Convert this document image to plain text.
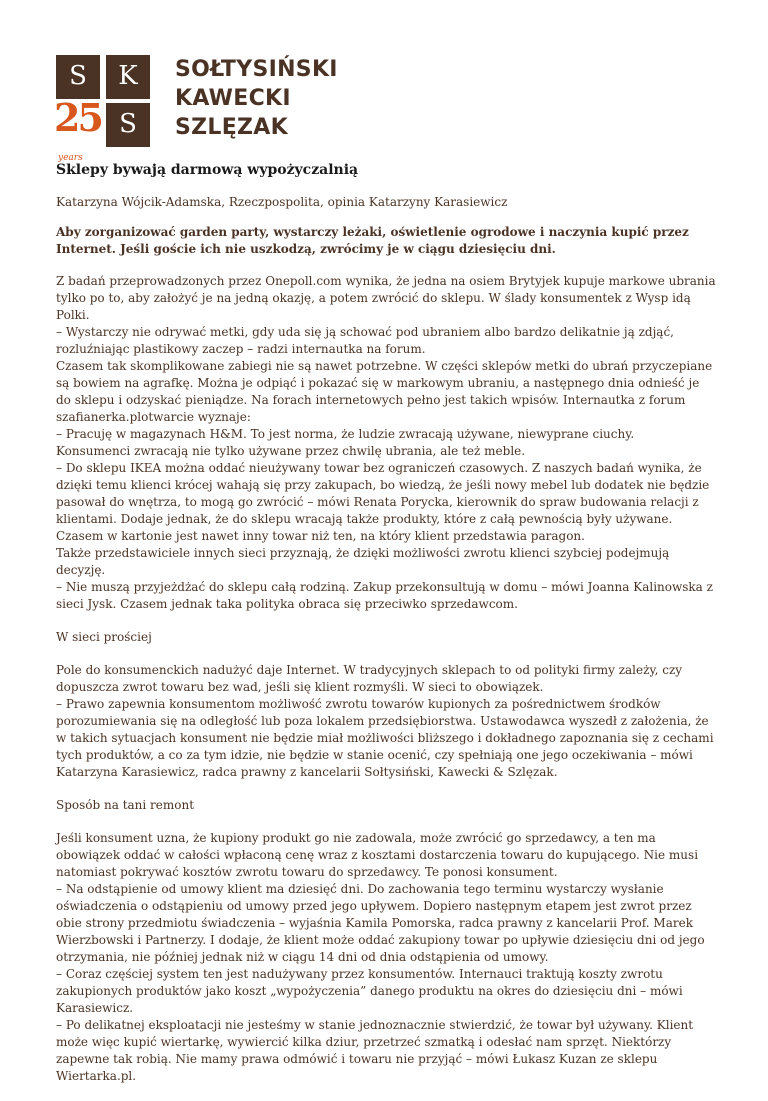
S	K
25
lat
years
S
SOŁTYSIŃSKI
KAWECKI
SZLĘZAK
Sklepy bywają darmową wypożyczalnią
Katarzyna Wójcik-Adamska, Rzeczpospolita, opinia Katarzyny Karasiewicz
Aby zorganizować garden party, wystarczy leżaki, oświetlenie ogrodowe i naczynia kupić przez Internet. Jeśli goście ich nie uszkodzą, zwrócimy je w ciągu dziesięciu dni.
Z badań przeprowadzonych przez Onepoll.com wynika, że jedna na osiem Brytyjek kupuje markowe ubrania tylko po to, aby założyć je na jedną okazję, a potem zwrócić do sklepu. W ślady konsumentek z Wysp idą Polki.
– Wystarczy nie odrywać metki, gdy uda się ją schować pod ubraniem albo bardzo delikatnie ją zdjąć, rozluźniając plastikowy zaczep – radzi internautka na forum.
Czasem tak skomplikowane zabiegi nie są nawet potrzebne. W części sklepów metki do ubrań przyczepiane są bowiem na agrafkę. Można je odpiąć i pokazać się w markowym ubraniu, a następnego dnia odnieść je do sklepu i odzyskać pieniądze. Na forach internetowych pełno jest takich wpisów. Internautka z forum szafianerka.plotwarcie wyznaje:
– Pracuję w magazynach H&M. To jest norma, że ludzie zwracają używane, niewyprane ciuchy.
Konsumenci zwracają nie tylko używane przez chwilę ubrania, ale też meble.
– Do sklepu IKEA można oddać nieużywany towar bez ograniczeń czasowych. Z naszych badań wynika, że dzięki temu klienci krócej wahają się przy zakupach, bo wiedzą, że jeśli nowy mebel lub dodatek nie będzie pasował do wnętrza, to mogą go zwrócić – mówi Renata Porycka, kierownik do spraw budowania relacji z klientami. Dodaje jednak, że do sklepu wracają także produkty, które z całą pewnością były używane. Czasem w kartonie jest nawet inny towar niż ten, na który klient przedstawia paragon.
Także przedstawiciele innych sieci przyznają, że dzięki możliwości zwrotu klienci szybciej podejmują decyzję.
– Nie muszą przyjeżdżać do sklepu całą rodziną. Zakup przekonsultują w domu – mówi Joanna Kalinowska z sieci Jysk. Czasem jednak taka polityka obraca się przeciwko sprzedawcom.
W sieci prościej
Pole do konsumenckich nadużyć daje Internet. W tradycyjnych sklepach to od polityki firmy zależy, czy dopuszcza zwrot towaru bez wad, jeśli się klient rozmyśli. W sieci to obowiązek.
– Prawo zapewnia konsumentom możliwość zwrotu towarów kupionych za pośrednictwem środków porozumiewania się na odległość lub poza lokalem przedsiębiorstwa. Ustawodawca wyszedł z założenia, że w takich sytuacjach konsument nie będzie miał możliwości bliższego i dokładnego zapoznania się z cechami tych produktów, a co za tym idzie, nie będzie w stanie ocenić, czy spełniają one jego oczekiwania – mówi Katarzyna Karasiewicz, radca prawny z kancelarii Sołtysiński, Kawecki & Szlęzak.
Sposób na tani remont
Jeśli konsument uzna, że kupiony produkt go nie zadowala, może zwrócić go sprzedawcy, a ten ma obowiązek oddać w całości wpłaconą cenę wraz z kosztami dostarczenia towaru do kupującego. Nie musi natomiast pokrywać kosztów zwrotu towaru do sprzedawcy. Te ponosi konsument.
– Na odstąpienie od umowy klient ma dziesięć dni. Do zachowania tego terminu wystarczy wysłanie oświadczenia o odstąpieniu od umowy przed jego upływem. Dopiero następnym etapem jest zwrot przez obie strony przedmiotu świadczenia – wyjaśnia Kamila Pomorska, radca prawny z kancelarii Prof. Marek Wierzbowski i Partnerzy. I dodaje, że klient może oddać zakupiony towar po upływie dziesięciu dni od jego otrzymania, nie później jednak niż w ciągu 14 dni od dnia odstąpienia od umowy.
– Coraz częściej system ten jest nadużywany przez konsumentów. Internauci traktują koszty zwrotu zakupionych produktów jako koszt „wypożyczenia” danego produktu na okres do dziesięciu dni – mówi Karasiewicz.
– Po delikatnej eksploatacji nie jesteśmy w stanie jednoznacznie stwierdzić, że towar był używany. Klient może więc kupić wiertarkę, wywiercić kilka dziur, przetrzeć szmatką i odesłać nam sprzęt. Niektórzy zapewne tak robią. Nie mamy prawa odmówić i towaru nie przyjąć – mówi Łukasz Kuzan ze sklepu Wiertarka.pl.
